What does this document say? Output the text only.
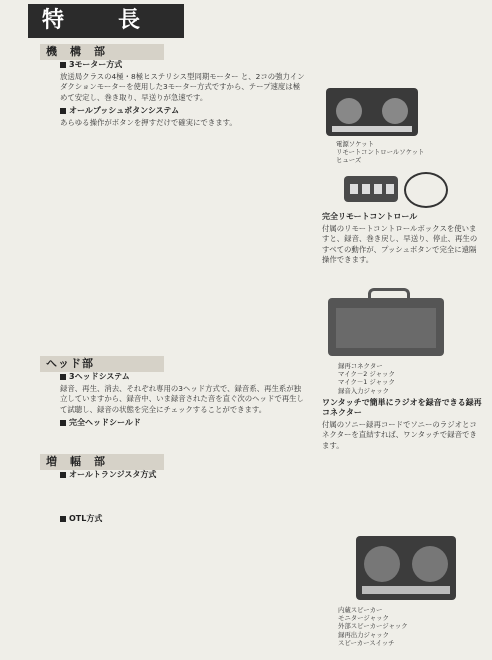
特　長
機　構　部
3モーター方式
放送局クラスの4極・8極ヒステリシス型同期モーター と、2コの強力インダクションモーターを使用した3モーター方式ですから、テープ速度は極めて安定し、巻き取り、早送りが急速です。
オールプッシュボタンシステム
あらゆる操作がボタンを押すだけで確実にできます。
ヘッド部
3ヘッドシステム
録音、再生、消去、それぞれ専用の3ヘッド方式で、録音系、再生系が独立していますから、録音中、いま録音された音を直ぐ次のヘッドで再生して試聴し、録音の状態を完全にチェックすることができます。
完全ヘッドシールド
増　幅　部
オールトランジスタ方式
OTL方式
電源ソケット
リモートコントロールソケット
ヒューズ
完全リモートコントロール
付属のリモートコントロールボックスを使いますと、録音、巻き戻し、早送り、停止、再生のすべての動作が、プッシュボタンで完全に遠隔操作できます。
録再コネクター
マイク－2 ジャック
マイク－1 ジャック
録音入力ジャック
ワンタッチで簡単にラジオを録音できる録再コネクター
付属のソニー録再コードでソニーのラジオとコネクターを直結すれば、ワンタッチで録音できます。
内蔵スピーカー
モニタージャック
外部スピーカージャック
録再出力ジャック
スピーカースイッチ
